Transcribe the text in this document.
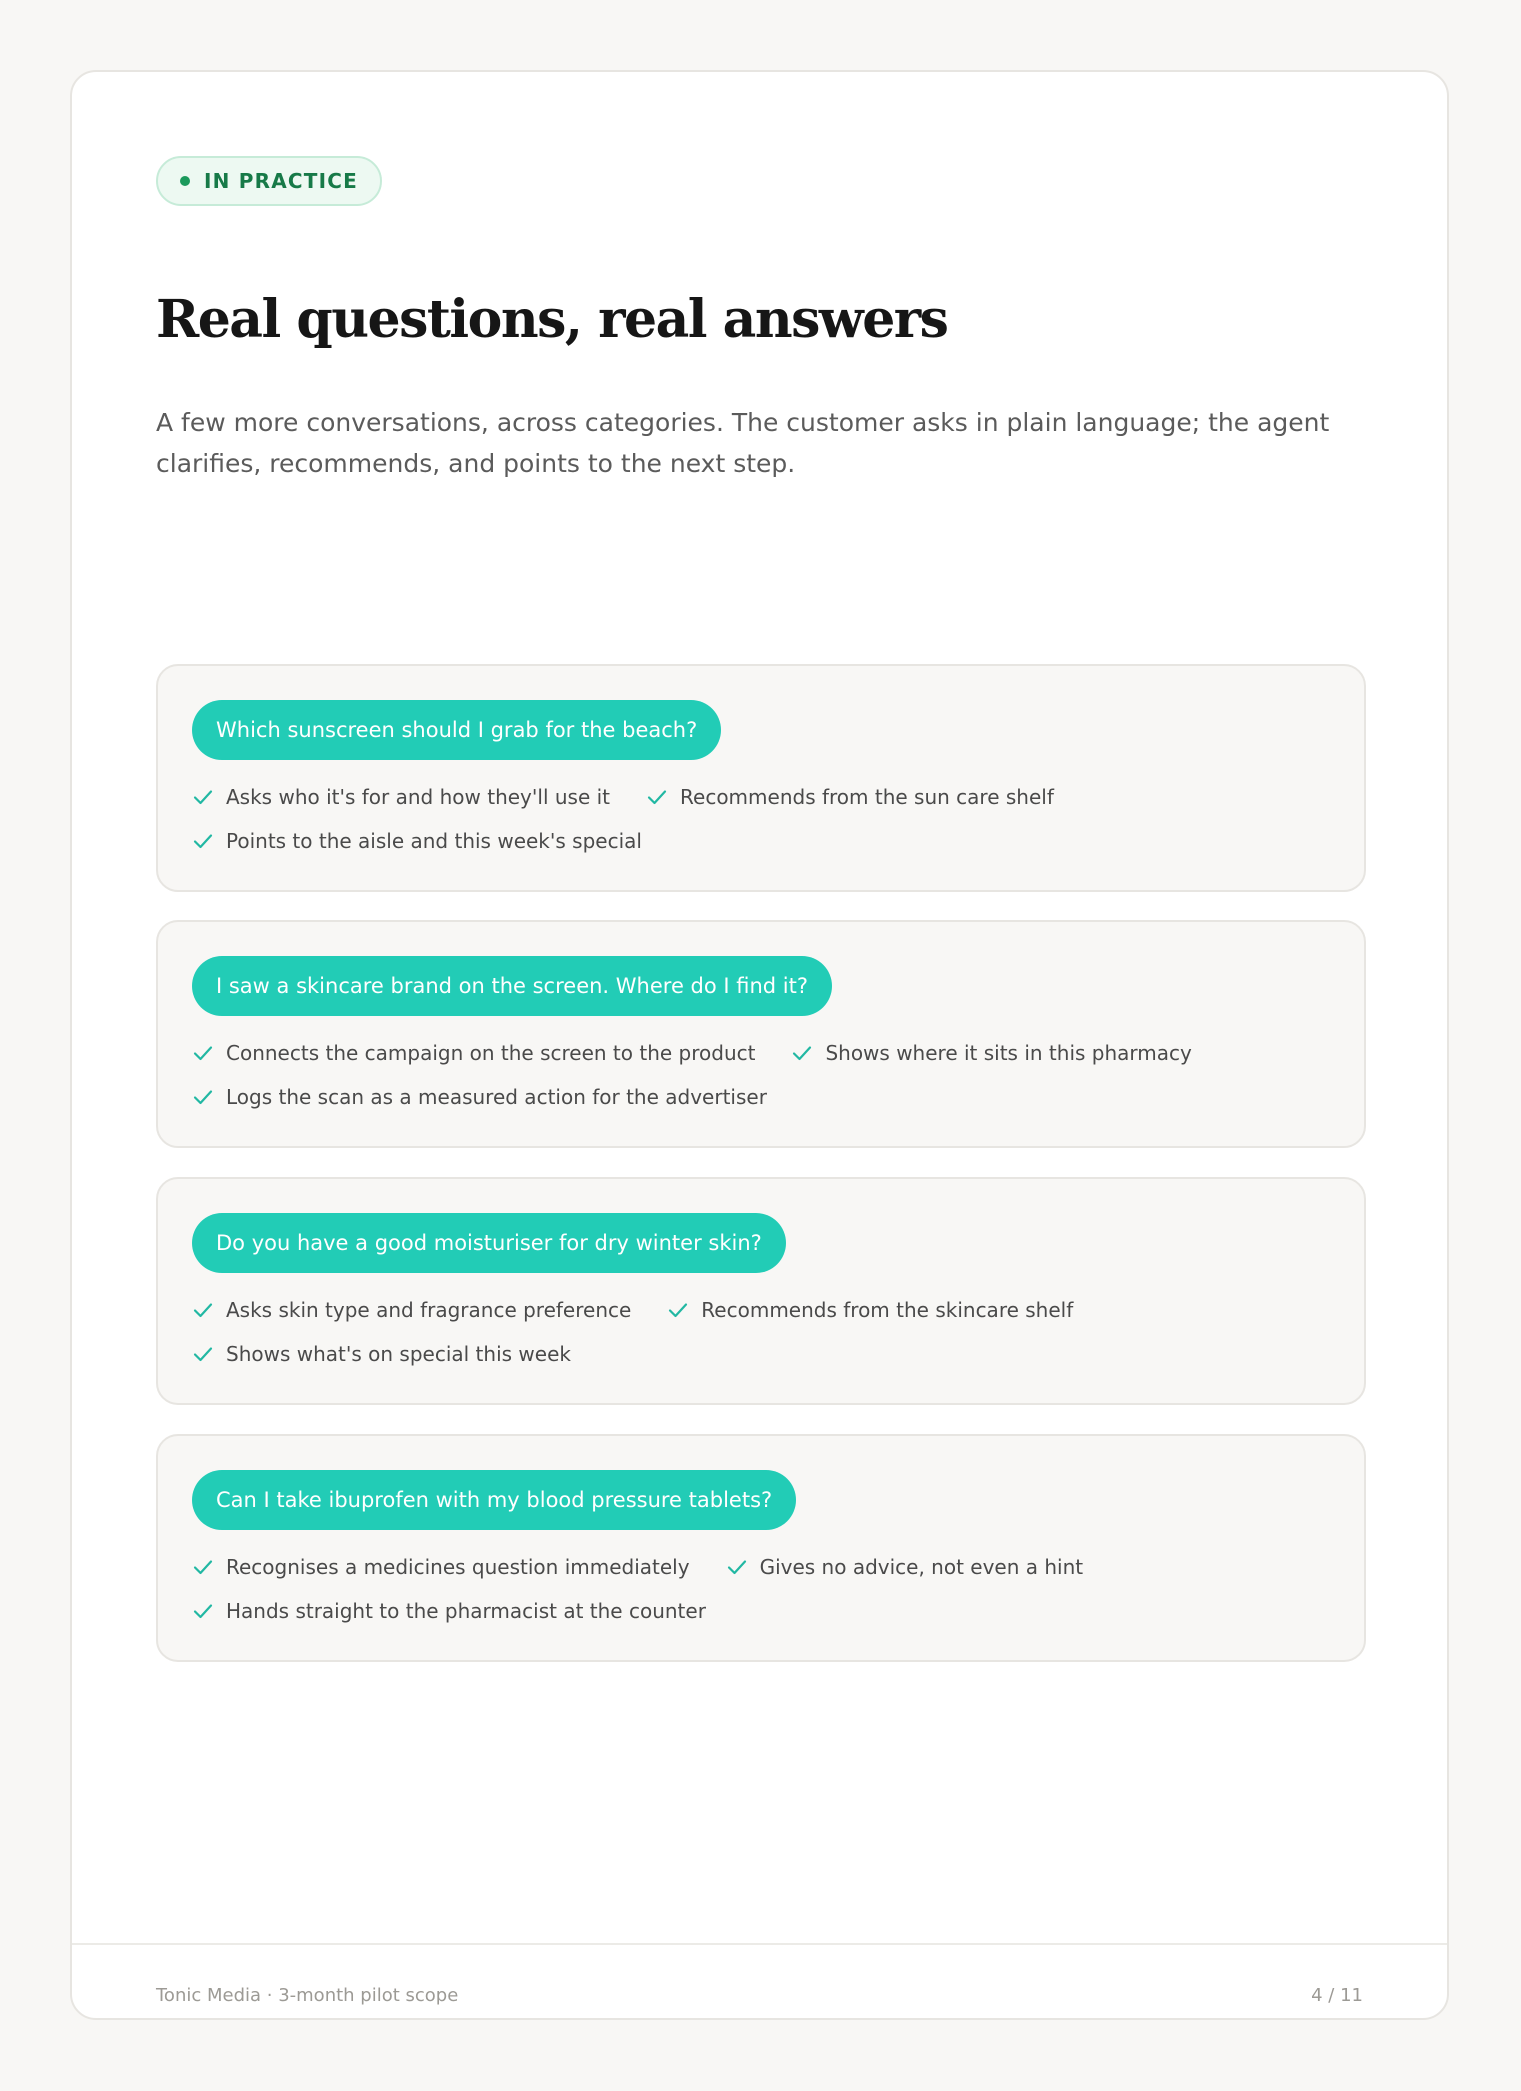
IN PRACTICE
Real questions, real answers

A few more conversations, across categories. The customer asks in plain language; the agent clarifies, recommends, and points to the next step.

Which sunscreen should I grab for the beach?
Asks who it's for and how they'll use it	Recommends from the sun care shelf
Points to the aisle and this week's special
I saw a skincare brand on the screen. Where do I find it?
Connects the campaign on the screen to the product	Shows where it sits in this pharmacy
Logs the scan as a measured action for the advertiser
Do you have a good moisturiser for dry winter skin?
Asks skin type and fragrance preference	Recommends from the skincare shelf
Shows what's on special this week
Can I take ibuprofen with my blood pressure tablets?
Recognises a medicines question immediately	Gives no advice, not even a hint
Hands straight to the pharmacist at the counter
Tonic Media · 3-month pilot scope	4 / 11
